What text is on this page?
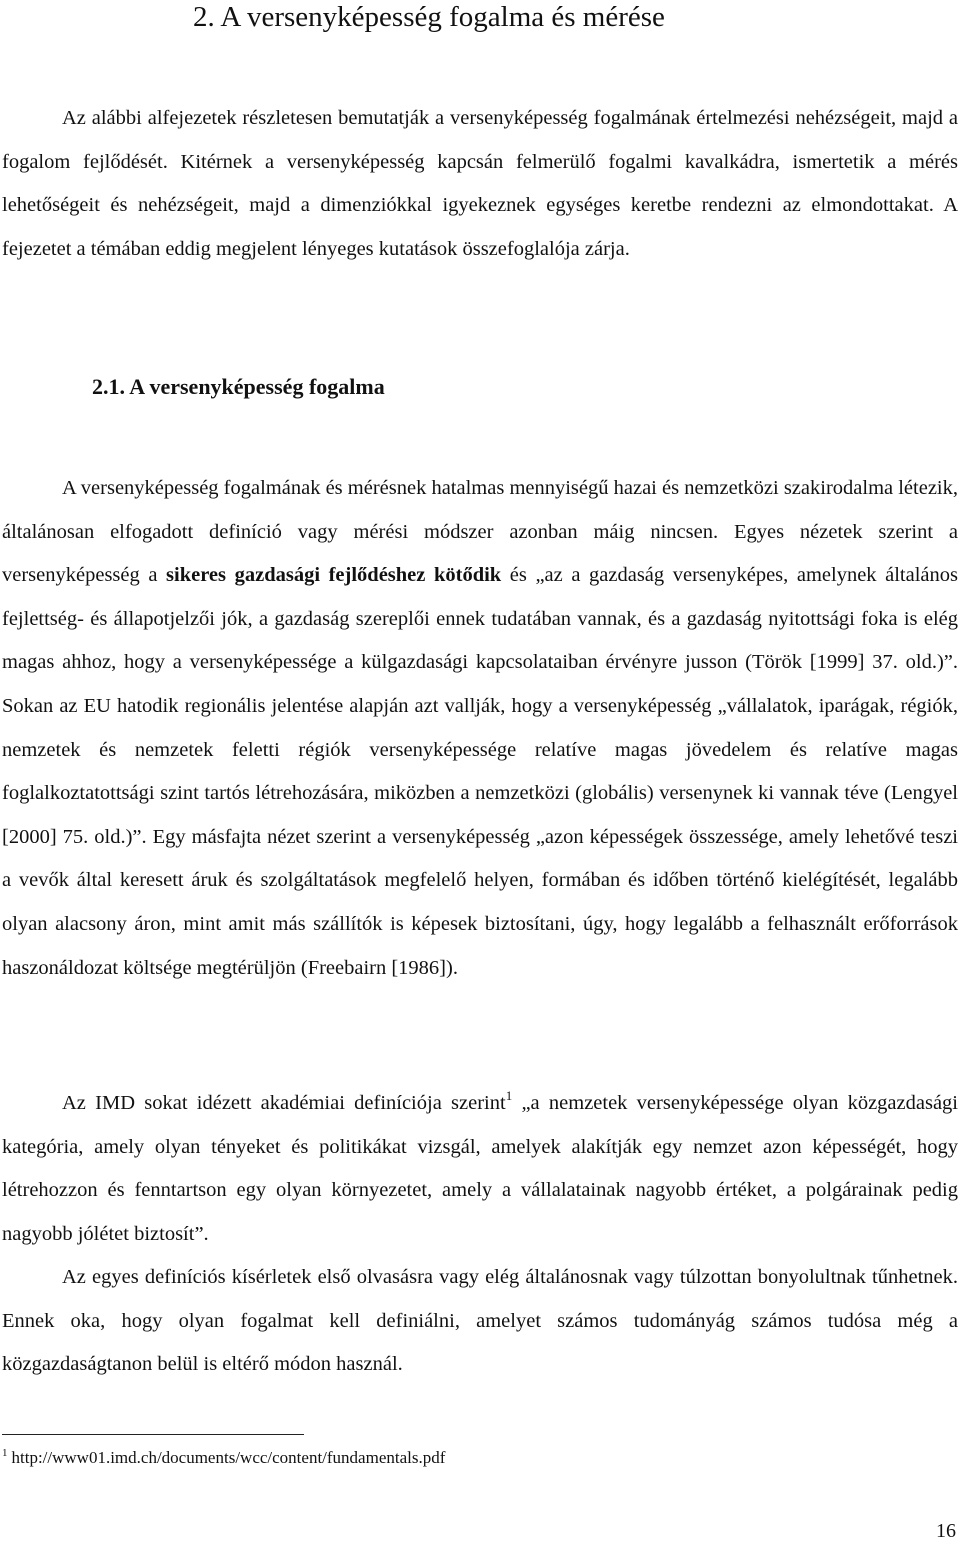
2. A versenyképesség fogalma és mérése

Az alábbi alfejezetek részletesen bemutatják a versenyképesség fogalmának értelmezési nehézségeit, majd a fogalom fejlődését. Kitérnek a versenyképesség kapcsán felmerülő fogalmi kavalkádra, ismertetik a mérés lehetőségeit és nehézségeit, majd a dimenziókkal igyekeznek egységes keretbe rendezni az elmondottakat. A fejezetet a témában eddig megjelent lényeges kutatások összefoglalója zárja.

2.1. A versenyképesség fogalma

A versenyképesség fogalmának és mérésnek hatalmas mennyiségű hazai és nemzetközi szakirodalma létezik, általánosan elfogadott definíció vagy mérési módszer azonban máig nincsen. Egyes nézetek szerint a versenyképesség a sikeres gazdasági fejlődéshez kötődik és „az a gazdaság versenyképes, amelynek általános fejlettség- és állapotjelzői jók, a gazdaság szereplői ennek tudatában vannak, és a gazdaság nyitottsági foka is elég magas ahhoz, hogy a versenyképessége a külgazdasági kapcsolataiban érvényre jusson (Török [1999] 37. old.)”. Sokan az EU hatodik regionális jelentése alapján azt vallják, hogy a versenyképesség „vállalatok, iparágak, régiók, nemzetek és nemzetek feletti régiók versenyképessége relatíve magas jövedelem és relatíve magas foglalkoztatottsági szint tartós létrehozására, miközben a nemzetközi (globális) versenynek ki vannak téve (Lengyel [2000] 75. old.)”. Egy másfajta nézet szerint a versenyképesség „azon képességek összessége, amely lehetővé teszi a vevők által keresett áruk és szolgáltatások megfelelő helyen, formában és időben történő kielégítését, legalább olyan alacsony áron, mint amit más szállítók is képesek biztosítani, úgy, hogy legalább a felhasznált erőforrások haszonáldozat költsége megtérüljön (Freebairn [1986]).

Az IMD sokat idézett akadémiai definíciója szerint$^1$ „a nemzetek versenyképessége olyan közgazdasági kategória, amely olyan tényeket és politikákat vizsgál, amelyek alakítják egy nemzet azon képességét, hogy létrehozzon és fenntartson egy olyan környezetet, amely a vállalatainak nagyobb értéket, a polgárainak pedig nagyobb jólétet biztosít”.

Az egyes definíciós kísérletek első olvasásra vagy elég általánosnak vagy túlzottan bonyolultnak tűnhetnek. Ennek oka, hogy olyan fogalmat kell definiálni, amelyet számos tudományág számos tudósa még a közgazdaságtanon belül is eltérő módon használ.

$^1$ http://www01.imd.ch/documents/wcc/content/fundamentals.pdf

16
